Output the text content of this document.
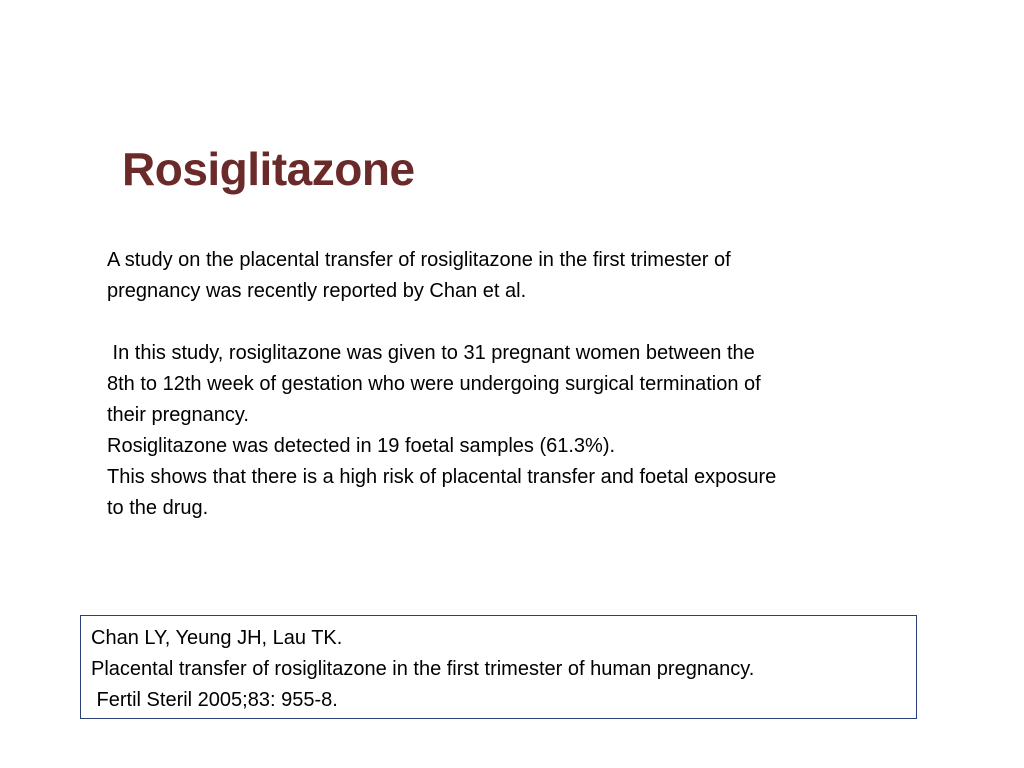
Rosiglitazone

A study on the placental transfer of rosiglitazone in the first trimester of

pregnancy was recently reported by Chan et al.

In this study, rosiglitazone was given to 31 pregnant women between the

8th to 12th week of gestation who were undergoing surgical termination of

their pregnancy.

Rosiglitazone was detected in 19 foetal samples (61.3%).

This shows that there is a high risk of placental transfer and foetal exposure

to the drug.

Chan LY, Yeung JH, Lau TK.

Placental transfer of rosiglitazone in the first trimester of human pregnancy.

Fertil Steril 2005;83: 955-8.
